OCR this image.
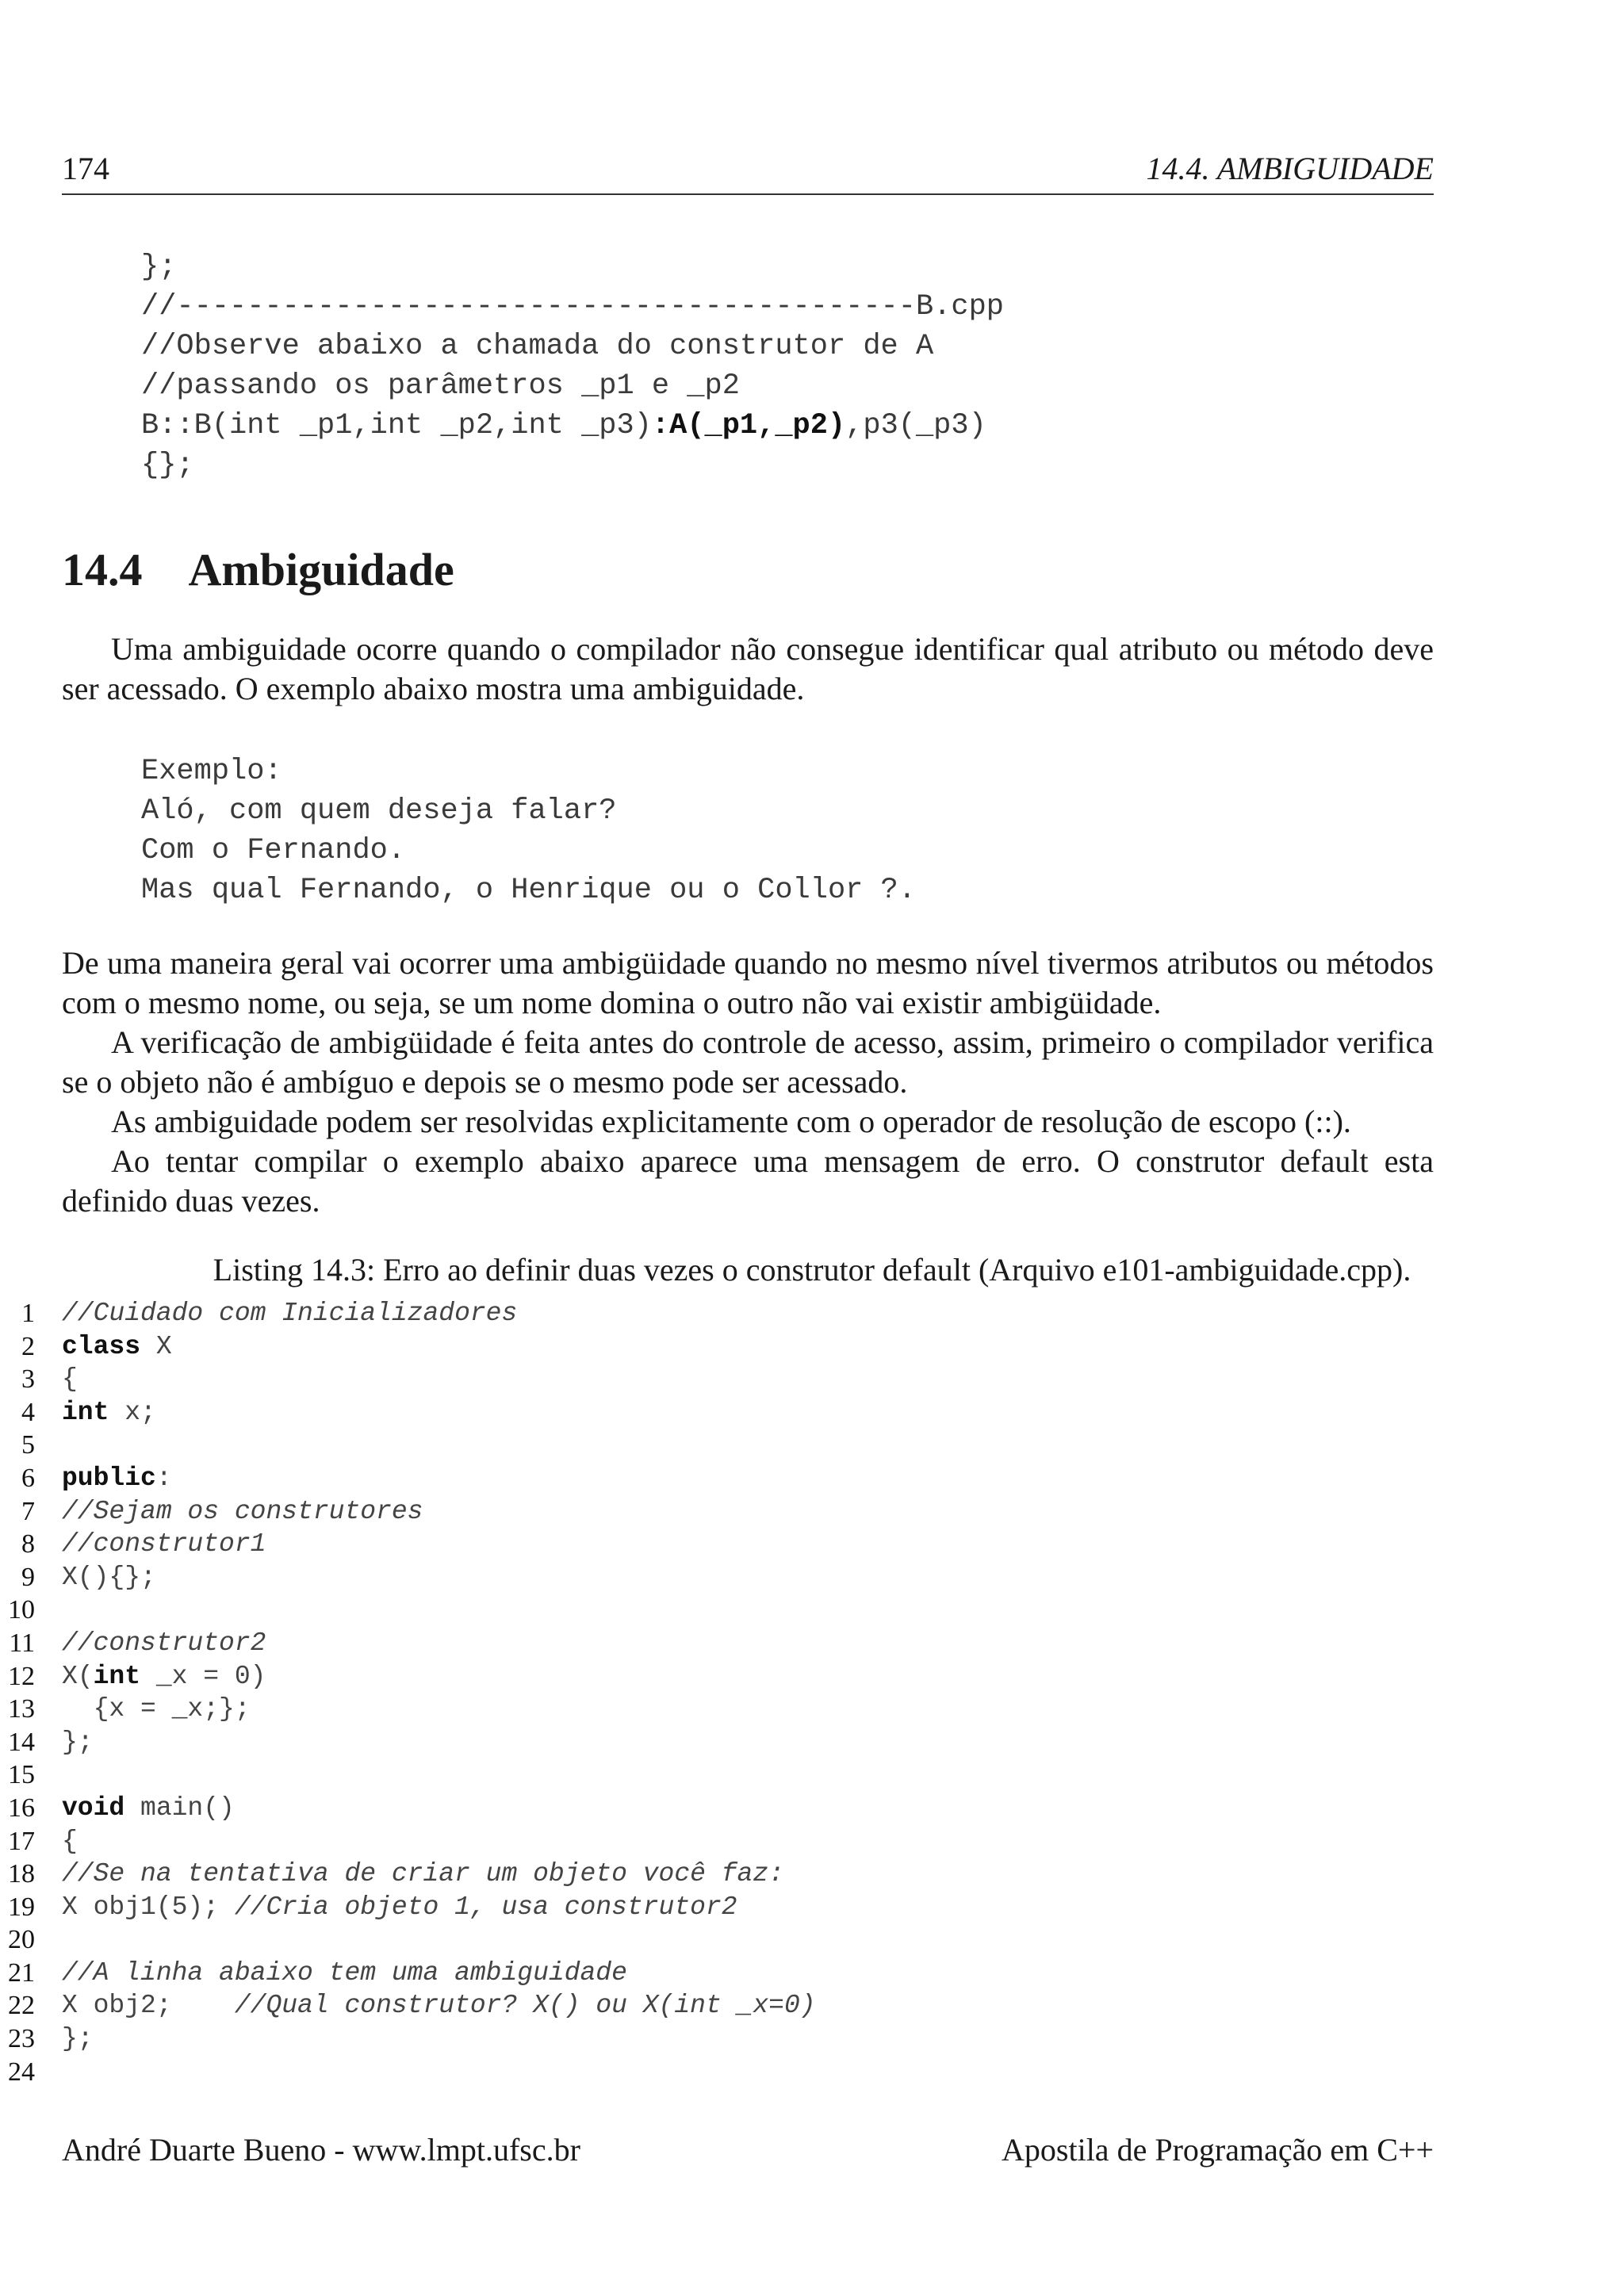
174	14.4. AMBIGUIDADE
};
//------------------------------------------B.cpp
//Observe abaixo a chamada do construtor de A
//passando os parâmetros _p1 e _p2
B::B(int _p1,int _p2,int _p3):A(_p1,_p2),p3(_p3)
{};
14.4 Ambiguidade

Uma ambiguidade ocorre quando o compilador não consegue identificar qual atributo ou método deve ser acessado. O exemplo abaixo mostra uma ambiguidade.

Exemplo:
Aló, com quem deseja falar?
Com o Fernando.
Mas qual Fernando, o Henrique ou o Collor ?.

De uma maneira geral vai ocorrer uma ambigüidade quando no mesmo nível tivermos atributos ou métodos com o mesmo nome, ou seja, se um nome domina o outro não vai existir ambigüidade.

A verificação de ambigüidade é feita antes do controle de acesso, assim, primeiro o compilador verifica se o objeto não é ambíguo e depois se o mesmo pode ser acessado.

As ambiguidade podem ser resolvidas explicitamente com o operador de resolução de escopo (::).

Ao tentar compilar o exemplo abaixo aparece uma mensagem de erro. O construtor default esta definido duas vezes.

Listing 14.3: Erro ao definir duas vezes o construtor default (Arquivo e101-ambiguidade.cpp).
1 //Cuidado com Inicializadores
2 class X
3 {
4 int x;
5
6 public:
7 //Sejam os construtores
8 //construtor1
9 X(){};
10
11 //construtor2
12 X(int _x = 0)
13 {x = _x;};
14 };
15
16 void main()
17 {
18 //Se na tentativa de criar um objeto você faz:
19 X obj1(5); //Cria objeto 1, usa construtor2
20
21 //A linha abaixo tem uma ambiguidade
22 X obj2;    //Qual construtor? X() ou X(int _x=0)
23 };
24
André Duarte Bueno - www.lmpt.ufsc.br	Apostila de Programação em C++
